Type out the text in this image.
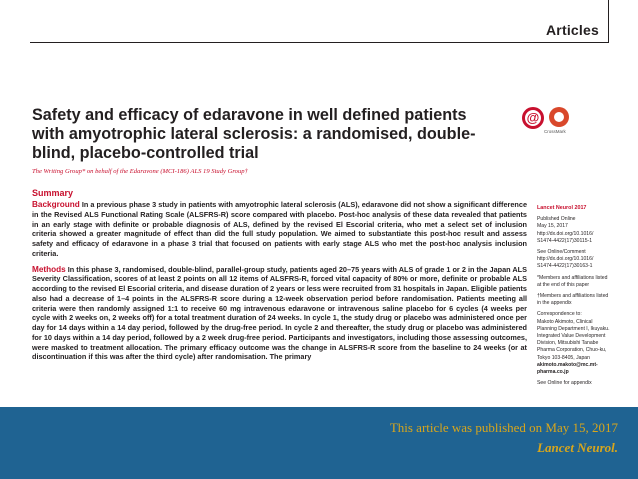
Articles
Safety and efficacy of edaravone in well defined patients with amyotrophic lateral sclerosis: a randomised, double-blind, placebo-controlled trial
@
CrossMark
The Writing Group* on behalf of the Edaravone (MCI-186) ALS 19 Study Group†
Summary

Background In a previous phase 3 study in patients with amyotrophic lateral sclerosis (ALS), edaravone did not show a significant difference in the Revised ALS Functional Rating Scale (ALSFRS-R) score compared with placebo. Post-hoc analysis of these data revealed that patients in an early stage with definite or probable diagnosis of ALS, defined by the revised El Escorial criteria, who met a select set of inclusion criteria showed a greater magnitude of effect than did the full study population. We aimed to substantiate this post-hoc result and assess safety and efficacy of edaravone in a phase 3 trial that focused on patients with early stage ALS who met the post-hoc analysis inclusion criteria.

Methods In this phase 3, randomised, double-blind, parallel-group study, patients aged 20–75 years with ALS of grade 1 or 2 in the Japan ALS Severity Classification, scores of at least 2 points on all 12 items of ALSFRS-R, forced vital capacity of 80% or more, definite or probable ALS according to the revised El Escorial criteria, and disease duration of 2 years or less were recruited from 31 hospitals in Japan. Eligible patients also had a decrease of 1–4 points in the ALSFRS-R score during a 12-week observation period before randomisation. Patients meeting all criteria were then randomly assigned 1:1 to receive 60 mg intravenous edaravone or intravenous saline placebo for 6 cycles (4 weeks per cycle with 2 weeks on, 2 weeks off) for a total treatment duration of 24 weeks. In cycle 1, the study drug or placebo was administered once per day for 14 days within a 14 day period, followed by the drug-free period. In cycle 2 and thereafter, the study drug or placebo was administered for 10 days within a 14 day period, followed by a 2 week drug-free period. Participants and investigators, including those assessing outcomes, were masked to treatment allocation. The primary efficacy outcome was the change in ALSFRS-R score from the baseline to 24 weeks (or at discontinuation if this was after the third cycle) after randomisation. The primary

Lancet Neurol 2017
Published Online
May 15, 2017
http://dx.doi.org/10.1016/
S1474-4422(17)30115-1
See Online/Comment
http://dx.doi.org/10.1016/
S1474-4422(17)30163-1
*Members and affiliations listed
at the end of this paper
†Members and affiliations listed
in the appendix
Correspondence to:
Makoto Akimoto, Clinical
Planning Department I, Ikuyaku.
Integrated Value Development
Division, Mitsubishi Tanabe
Pharma Corporation, Chuo-ku,
Tokyo 103-8405, Japan
akimoto.makoto@mc.mt-
pharma.co.jp
See Online for appendix
This article was published on May 15, 2017
Lancet Neurol.
